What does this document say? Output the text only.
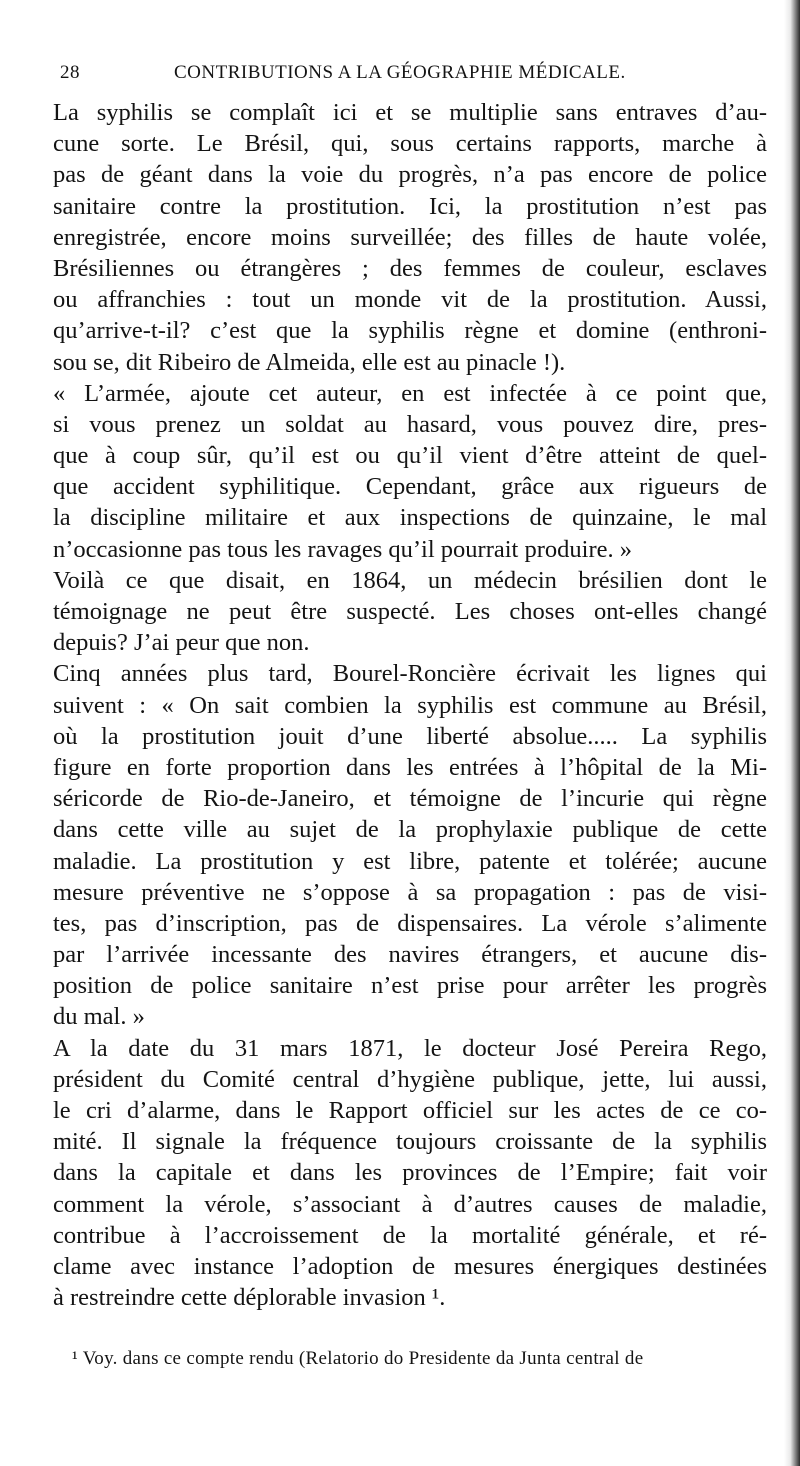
28	CONTRIBUTIONS A LA GÉOGRAPHIE MÉDICALE.
La syphilis se complaît ici et se multiplie sans entraves d’au-
cune sorte. Le Brésil, qui, sous certains rapports, marche à
pas de géant dans la voie du progrès, n’a pas encore de police
sanitaire contre la prostitution. Ici, la prostitution n’est pas
enregistrée, encore moins surveillée; des filles de haute volée,
Brésiliennes ou étrangères ; des femmes de couleur, esclaves
ou affranchies : tout un monde vit de la prostitution. Aussi,
qu’arrive-t-il? c’est que la syphilis règne et domine (enthroni-
sou se, dit Ribeiro de Almeida, elle est au pinacle !).
« L’armée, ajoute cet auteur, en est infectée à ce point que,
si vous prenez un soldat au hasard, vous pouvez dire, pres-
que à coup sûr, qu’il est ou qu’il vient d’être atteint de quel-
que accident syphilitique. Cependant, grâce aux rigueurs de
la discipline militaire et aux inspections de quinzaine, le mal
n’occasionne pas tous les ravages qu’il pourrait produire. »
Voilà ce que disait, en 1864, un médecin brésilien dont le
témoignage ne peut être suspecté. Les choses ont-elles changé
depuis? J’ai peur que non.
Cinq années plus tard, Bourel-Roncière écrivait les lignes qui
suivent : « On sait combien la syphilis est commune au Brésil,
où la prostitution jouit d’une liberté absolue..... La syphilis
figure en forte proportion dans les entrées à l’hôpital de la Mi-
séricorde de Rio-de-Janeiro, et témoigne de l’incurie qui règne
dans cette ville au sujet de la prophylaxie publique de cette
maladie. La prostitution y est libre, patente et tolérée; aucune
mesure préventive ne s’oppose à sa propagation : pas de visi-
tes, pas d’inscription, pas de dispensaires. La vérole s’alimente
par l’arrivée incessante des navires étrangers, et aucune dis-
position de police sanitaire n’est prise pour arrêter les progrès
du mal. »
A la date du 31 mars 1871, le docteur José Pereira Rego,
président du Comité central d’hygiène publique, jette, lui aussi,
le cri d’alarme, dans le Rapport officiel sur les actes de ce co-
mité. Il signale la fréquence toujours croissante de la syphilis
dans la capitale et dans les provinces de l’Empire; fait voir
comment la vérole, s’associant à d’autres causes de maladie,
contribue à l’accroissement de la mortalité générale, et ré-
clame avec instance l’adoption de mesures énergiques destinées
à restreindre cette déplorable invasion ¹.
¹ Voy. dans ce compte rendu (Relatorio do Presidente da Junta central de
